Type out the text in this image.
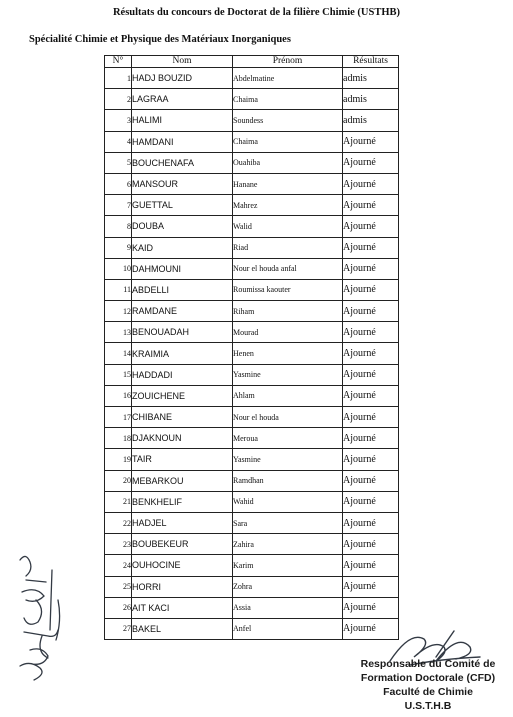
Résultats du concours de Doctorat de la filière Chimie (USTHB)
Spécialité Chimie et Physique des Matériaux Inorganiques
N°	Nom	Prénom	Résultats
1	HADJ BOUZID	Abdelmatine	admis
2	LAGRAA	Chaima	admis
3	HALIMI	Soundess	admis
4	HAMDANI	Chaima	Ajourné
5	BOUCHENAFA	Ouahiba	Ajourné
6	MANSOUR	Hanane	Ajourné
7	GUETTAL	Mahrez	Ajourné
8	DOUBA	Walid	Ajourné
9	KAID	Riad	Ajourné
10	DAHMOUNI	Nour el houda anfal	Ajourné
11	ABDELLI	Roumissa kaouter	Ajourné
12	RAMDANE	Riham	Ajourné
13	BENOUADAH	Mourad	Ajourné
14	KRAIMIA	Henen	Ajourné
15	HADDADI	Yasmine	Ajourné
16	ZOUICHENE	Ahlam	Ajourné
17	CHIBANE	Nour el houda	Ajourné
18	DJAKNOUN	Meroua	Ajourné
19	TAIR	Yasmine	Ajourné
20	MEBARKOU	Ramdhan	Ajourné
21	BENKHELIF	Wahid	Ajourné
22	HADJEL	Sara	Ajourné
23	BOUBEKEUR	Zahira	Ajourné
24	OUHOCINE	Karim	Ajourné
25	HORRI	Zohra	Ajourné
26	AIT KACI	Assia	Ajourné
27	BAKEL	Anfel	Ajourné
Responsable du Comité de
Formation Doctorale (CFD)
Faculté de Chimie
U.S.T.H.B
